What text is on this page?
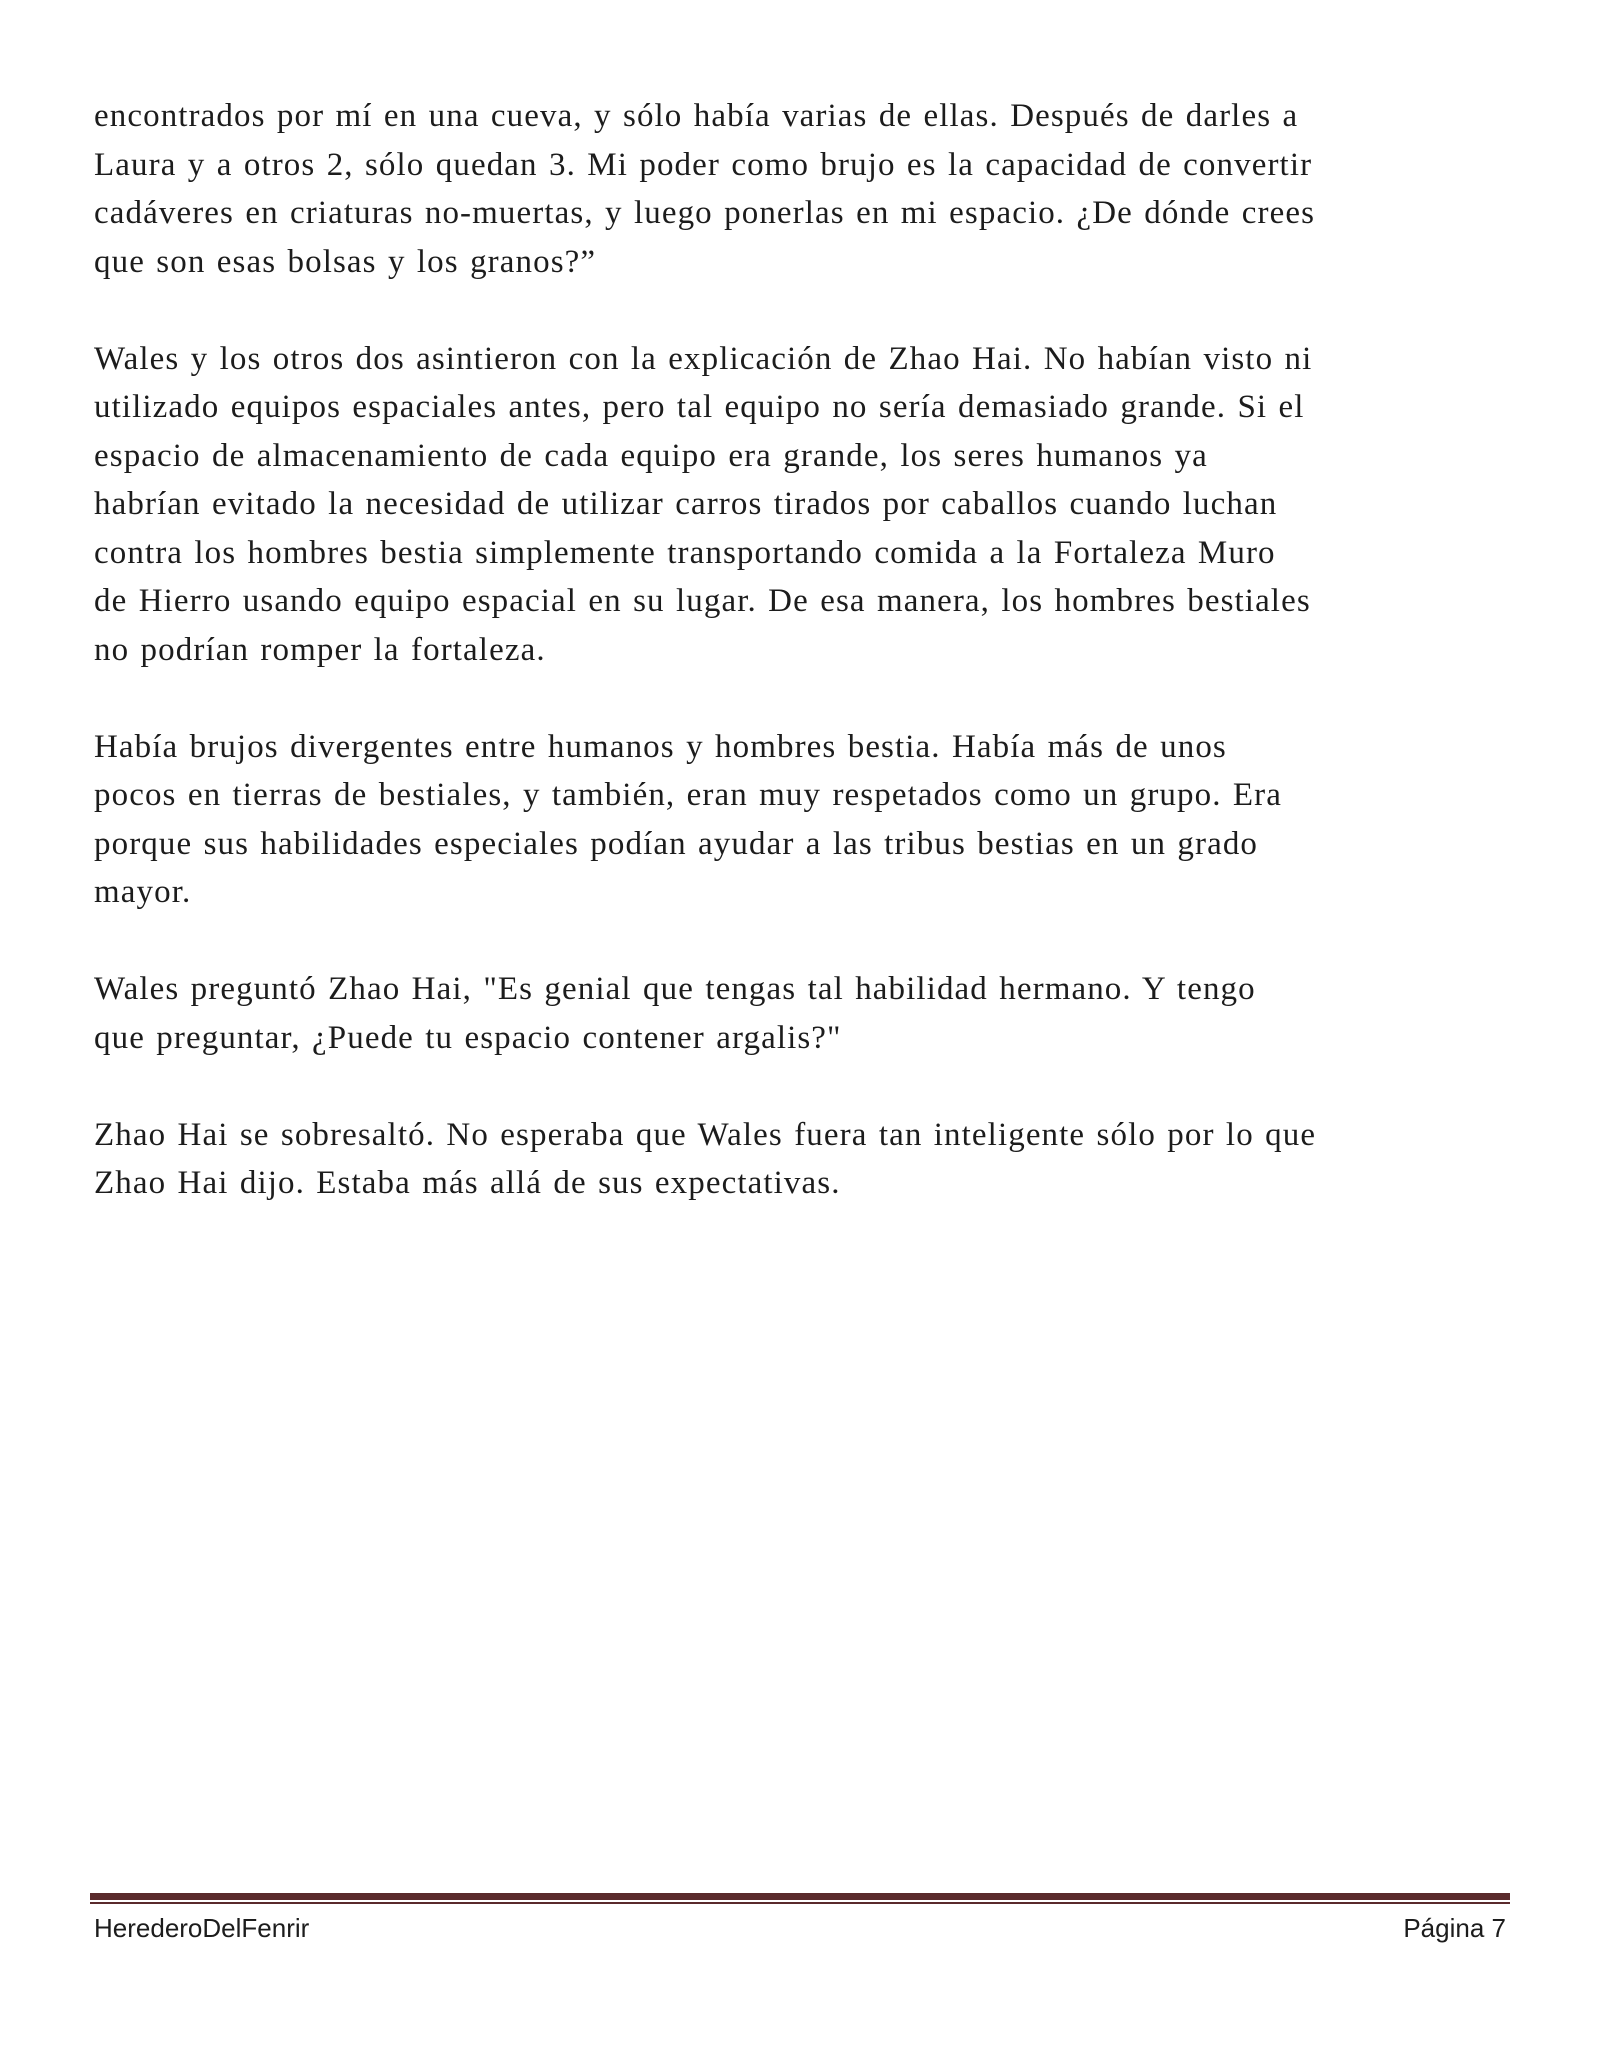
encontrados por mí en una cueva, y sólo había varias de ellas. Después de darles a
Laura y a otros 2, sólo quedan 3. Mi poder como brujo es la capacidad de convertir
cadáveres en criaturas no-muertas, y luego ponerlas en mi espacio. ¿De dónde crees
que son esas bolsas y los granos?”

Wales y los otros dos asintieron con la explicación de Zhao Hai. No habían visto ni
utilizado equipos espaciales antes, pero tal equipo no sería demasiado grande. Si el
espacio de almacenamiento de cada equipo era grande, los seres humanos ya
habrían evitado la necesidad de utilizar carros tirados por caballos cuando luchan
contra los hombres bestia simplemente transportando comida a la Fortaleza Muro
de Hierro usando equipo espacial en su lugar. De esa manera, los hombres bestiales
no podrían romper la fortaleza.

Había brujos divergentes entre humanos y hombres bestia. Había más de unos
pocos en tierras de bestiales, y también, eran muy respetados como un grupo. Era
porque sus habilidades especiales podían ayudar a las tribus bestias en un grado
mayor.

Wales preguntó Zhao Hai, "Es genial que tengas tal habilidad hermano. Y tengo
que preguntar, ¿Puede tu espacio contener argalis?"

Zhao Hai se sobresaltó. No esperaba que Wales fuera tan inteligente sólo por lo que
Zhao Hai dijo. Estaba más allá de sus expectativas.

HerederoDelFenrir	Página 7
